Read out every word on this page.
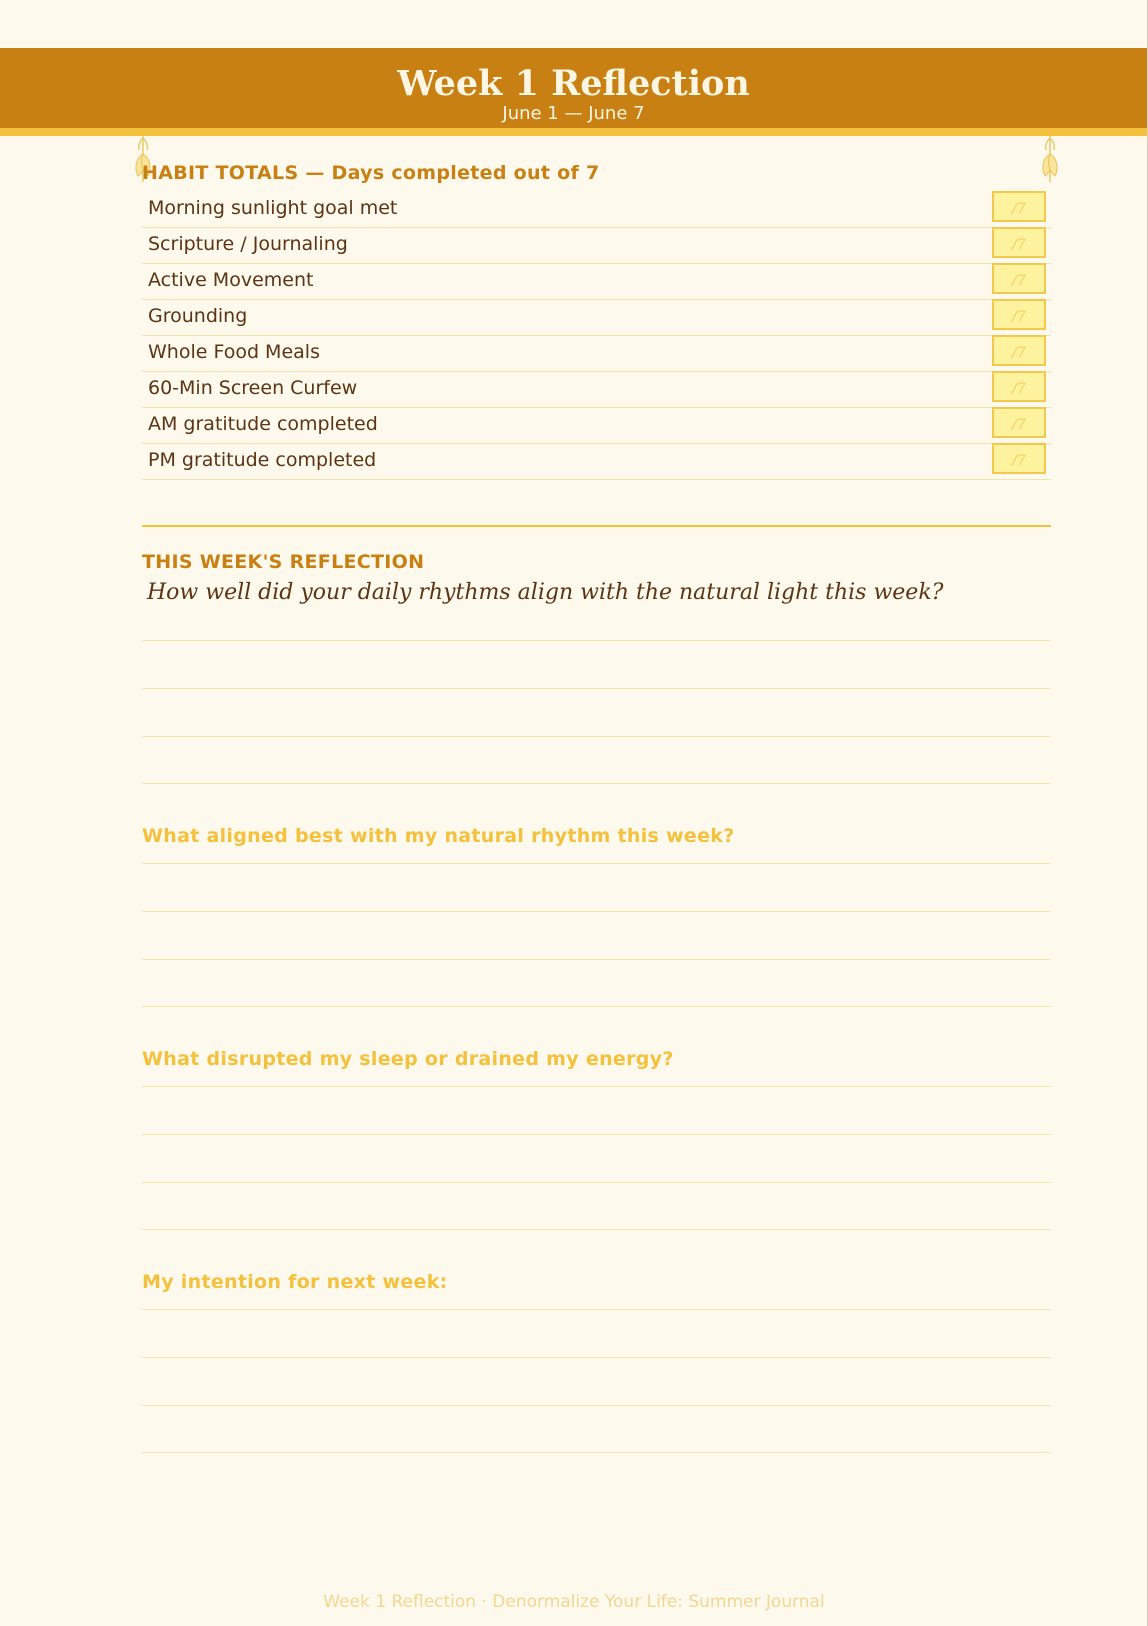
Week 1 Reflection
June 1 — June 7
HABIT TOTALS — Days completed out of 7
Morning sunlight goal met	/7
Scripture / Journaling	/7
Active Movement	/7
Grounding	/7
Whole Food Meals	/7
60-Min Screen Curfew	/7
AM gratitude completed	/7
PM gratitude completed	/7
THIS WEEK'S REFLECTION
How well did your daily rhythms align with the natural light this week?
What aligned best with my natural rhythm this week?
What disrupted my sleep or drained my energy?
My intention for next week:
Week 1 Reflection · Denormalize Your Life: Summer Journal
